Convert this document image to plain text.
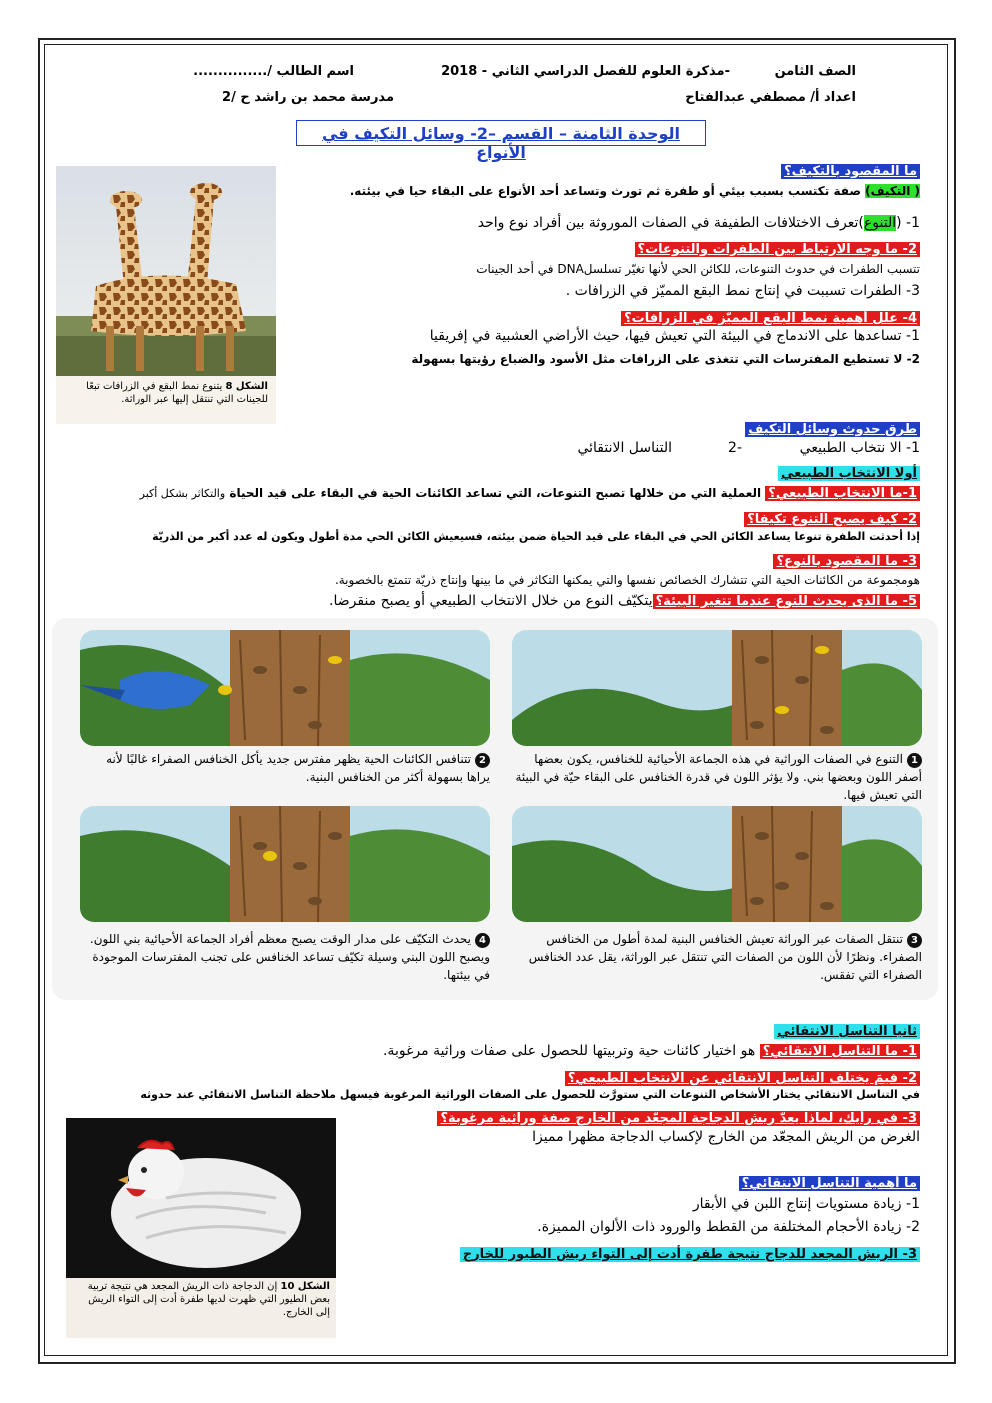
الصف الثامن
-مذكرة العلوم للفصل الدراسي الثاني - 2018
اسم الطالب /...............
اعداد أ/ مصطفي عبدالفتاح
مدرسة محمد بن راشد ح /2
الوحدة الثامنة – القسم –2- وسائل التكيف في الأنواع
الشكل 8 يتنوع نمط البقع في الزرافات تبعًا للجينات التي تنتقل إليها عبر الوراثة.
ما المقصود بالتكيف؟
( التكيف) صفة تكتسب بسبب بيئي أو طفرة ثم تورث وتساعد أحد الأنواع على البقاء حيا في بيئته.
1- (التنوع)تعرف الاختلافات الطفيفة في الصفات الموروثة بين أفراد نوع واحد
2- ما وجه الارتباط بين الطفرات والتنوعات؟
تتسبب الطفرات في حدوث التنوعات، للكائن الحي لأنها تغيّر تسلسلDNA في أحد الجينات
3- الطفرات تسببت في إنتاج نمط البقع المميّز في الزرافات .
4- علل أهمية نمط البقع المميّز في الزرافات؟
1- تساعدها على الاندماج في البيئة التي تعيش فيها، حيث الأراضي العشبية في إفريقيا
2- لا تستطيع المفترسات التي تتغذى على الزرافات مثل الأسود والضباع رؤيتها بسهولة
طرق حدوث وسائل التكيف
1- الا نتخاب الطبيعي
2-
التناسل الانتقائي
أولا الانتخاب الطبيعي
1-ما الانتخاب الطبيعي؟ العملية التي من خلالها تصبح التنوعات، التي تساعد الكائنات الحية في البقاء على قيد الحياة والتكاثر بشكل أكبر
2- كيف يصبح التنوع تكيفا؟
إذا أحدثت الطفرة تنوعا يساعد الكائن الحي في البقاء على قيد الحياة ضمن بيئته، فسيعيش الكائن الحي مدة أطول ويكون له عدد أكبر من الذريّة
3- ما المقصود بالنوع؟
هومجموعة من الكائنات الحية التي تتشارك الخصائص نفسها والتي يمكنها التكاثر في ما بينها وإنتاج ذريّة تتمتع بالخصوبة.
5- ما الذى يحدث للنوع عندما تتغير البيئة؟يتكيّف النوع من خلال الانتخاب الطبيعي أو يصبح منقرضا.
1التنوع في الصفات الوراثية في هذه الجماعة الأحيائية للخنافس، يكون بعضها أصفر اللون وبعضها بني. ولا يؤثر اللون في قدرة الخنافس على البقاء حيّة في البيئة التي تعيش فيها.
2تتنافس الكائنات الحية يظهر مفترس جديد يأكل الخنافس الصفراء غالبًا لأنه يراها بسهولة أكثر من الخنافس البنية.
3تنتقل الصفات عبر الوراثة تعيش الخنافس البنية لمدة أطول من الخنافس الصفراء. ونظرًا لأن اللون من الصفات التي تنتقل عبر الوراثة، يقل عدد الخنافس الصفراء التي تفقس.
4يحدث التكيّف على مدار الوقت يصبح معظم أفراد الجماعة الأحيائية بني اللون. ويصبح اللون البني وسيلة تكيّف تساعد الخنافس على تجنب المفترسات الموجودة في بيئتها.
ثانيا التناسل الانتقائي
1- ما التناسل الانتقائي؟ هو اختيار كائنات حية وتربيتها للحصول على صفات وراثية مرغوبة.
2- فيمَ يختلف التناسل الانتقائي عن الانتخاب الطبيعي؟
في التناسل الانتقائي يختار الأشخاص التنوعات التي ستورَّث للحصول على الصفات الوراثية المرغوبة فيسهل ملاحظة التناسل الانتقائي عند حدوثه
3- في رأيك، لماذا يعدّ ريش الدجاجة المجعّد من الخارج صفة وراثية مرغوبة؟
الغرض من الريش المجعّد من الخارج لإكساب الدجاجة مظهرا مميزا
ما أهمية التناسل الانتقائي؟
1- زيادة مستويات إنتاج اللبن في الأبقار
2- زيادة الأحجام المختلفة من القطط والورود ذات الألوان المميزة.
3- الريش المجعد للدجاج نتيجة طفرة أدت إلى التواء ريش الطيور للخارج
الشكل 10 إن الدجاجة ذات الريش المجعد هي نتيجة تربية بعض الطيور التي ظهرت لديها طفرة أدت إلى التواء الريش إلى الخارج.
